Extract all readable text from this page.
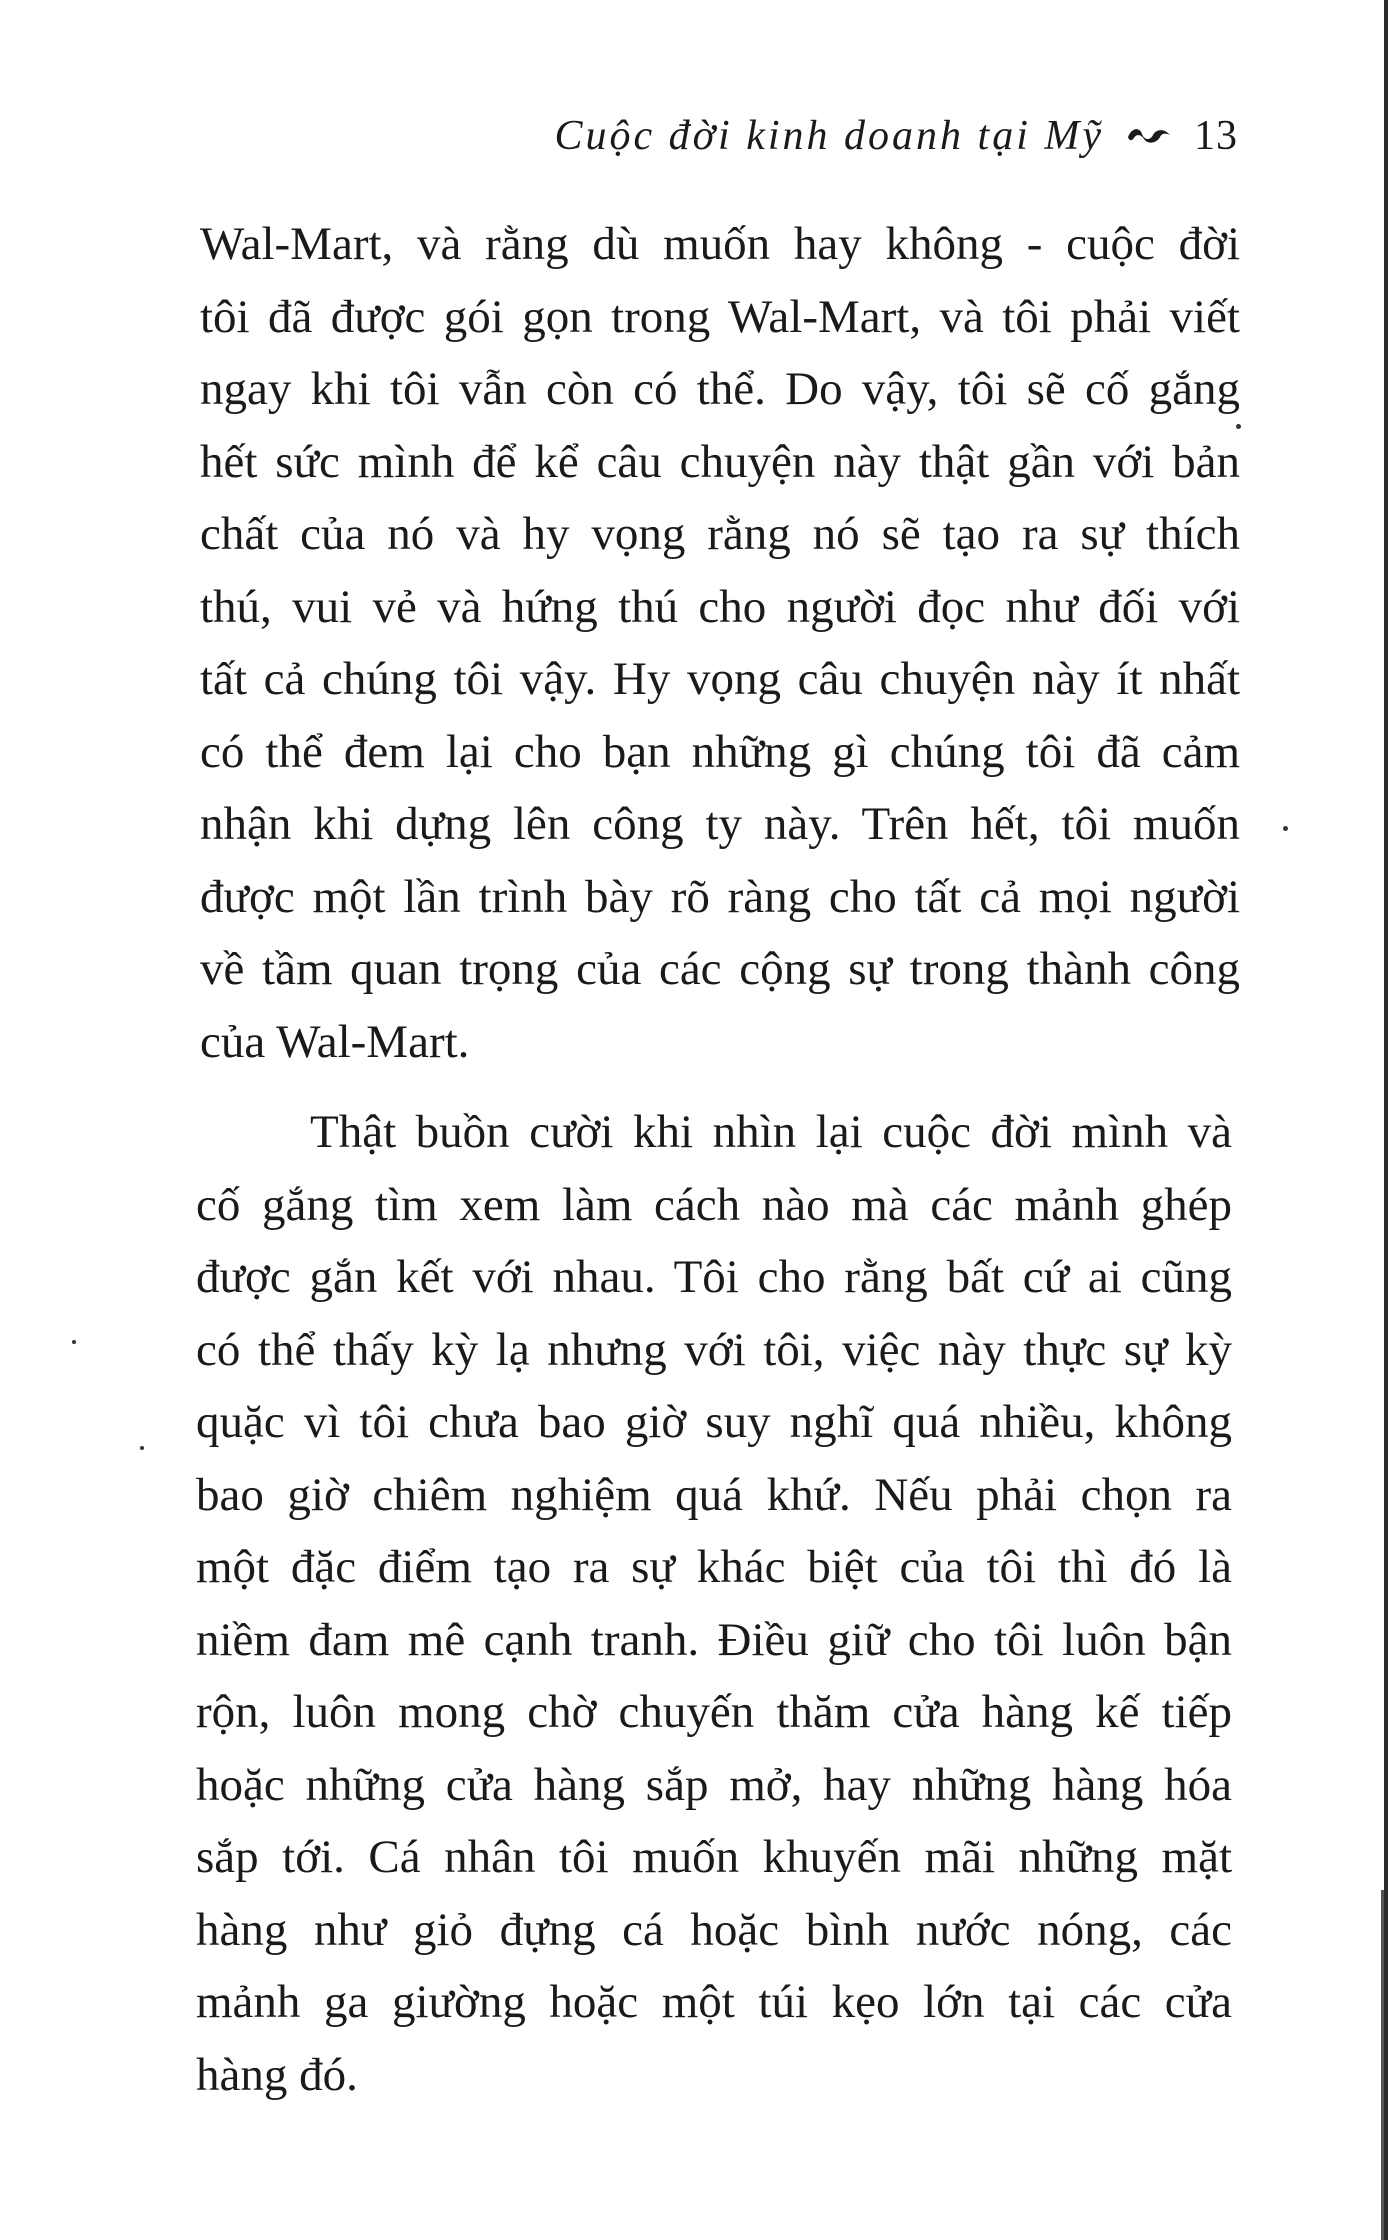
Cuộc đời kinh doanh tại Mỹ 13

Wal-Mart, và rằng dù muốn hay không - cuộc đời
tôi đã được gói gọn trong Wal-Mart, và tôi phải viết
ngay khi tôi vẫn còn có thể. Do vậy, tôi sẽ cố gắng
hết sức mình để kể câu chuyện này thật gần với bản
chất của nó và hy vọng rằng nó sẽ tạo ra sự thích
thú, vui vẻ và hứng thú cho người đọc như đối với
tất cả chúng tôi vậy. Hy vọng câu chuyện này ít nhất
có thể đem lại cho bạn những gì chúng tôi đã cảm
nhận khi dựng lên công ty này. Trên hết, tôi muốn
được một lần trình bày rõ ràng cho tất cả mọi người
về tầm quan trọng của các cộng sự trong thành công
của Wal-Mart.

Thật buồn cười khi nhìn lại cuộc đời mình và
cố gắng tìm xem làm cách nào mà các mảnh ghép
được gắn kết với nhau. Tôi cho rằng bất cứ ai cũng
có thể thấy kỳ lạ nhưng với tôi, việc này thực sự kỳ
quặc vì tôi chưa bao giờ suy nghĩ quá nhiều, không
bao giờ chiêm nghiệm quá khứ. Nếu phải chọn ra
một đặc điểm tạo ra sự khác biệt của tôi thì đó là
niềm đam mê cạnh tranh. Điều giữ cho tôi luôn bận
rộn, luôn mong chờ chuyến thăm cửa hàng kế tiếp
hoặc những cửa hàng sắp mở, hay những hàng hóa
sắp tới. Cá nhân tôi muốn khuyến mãi những mặt
hàng như giỏ đựng cá hoặc bình nước nóng, các
mảnh ga giường hoặc một túi kẹo lớn tại các cửa
hàng đó.
